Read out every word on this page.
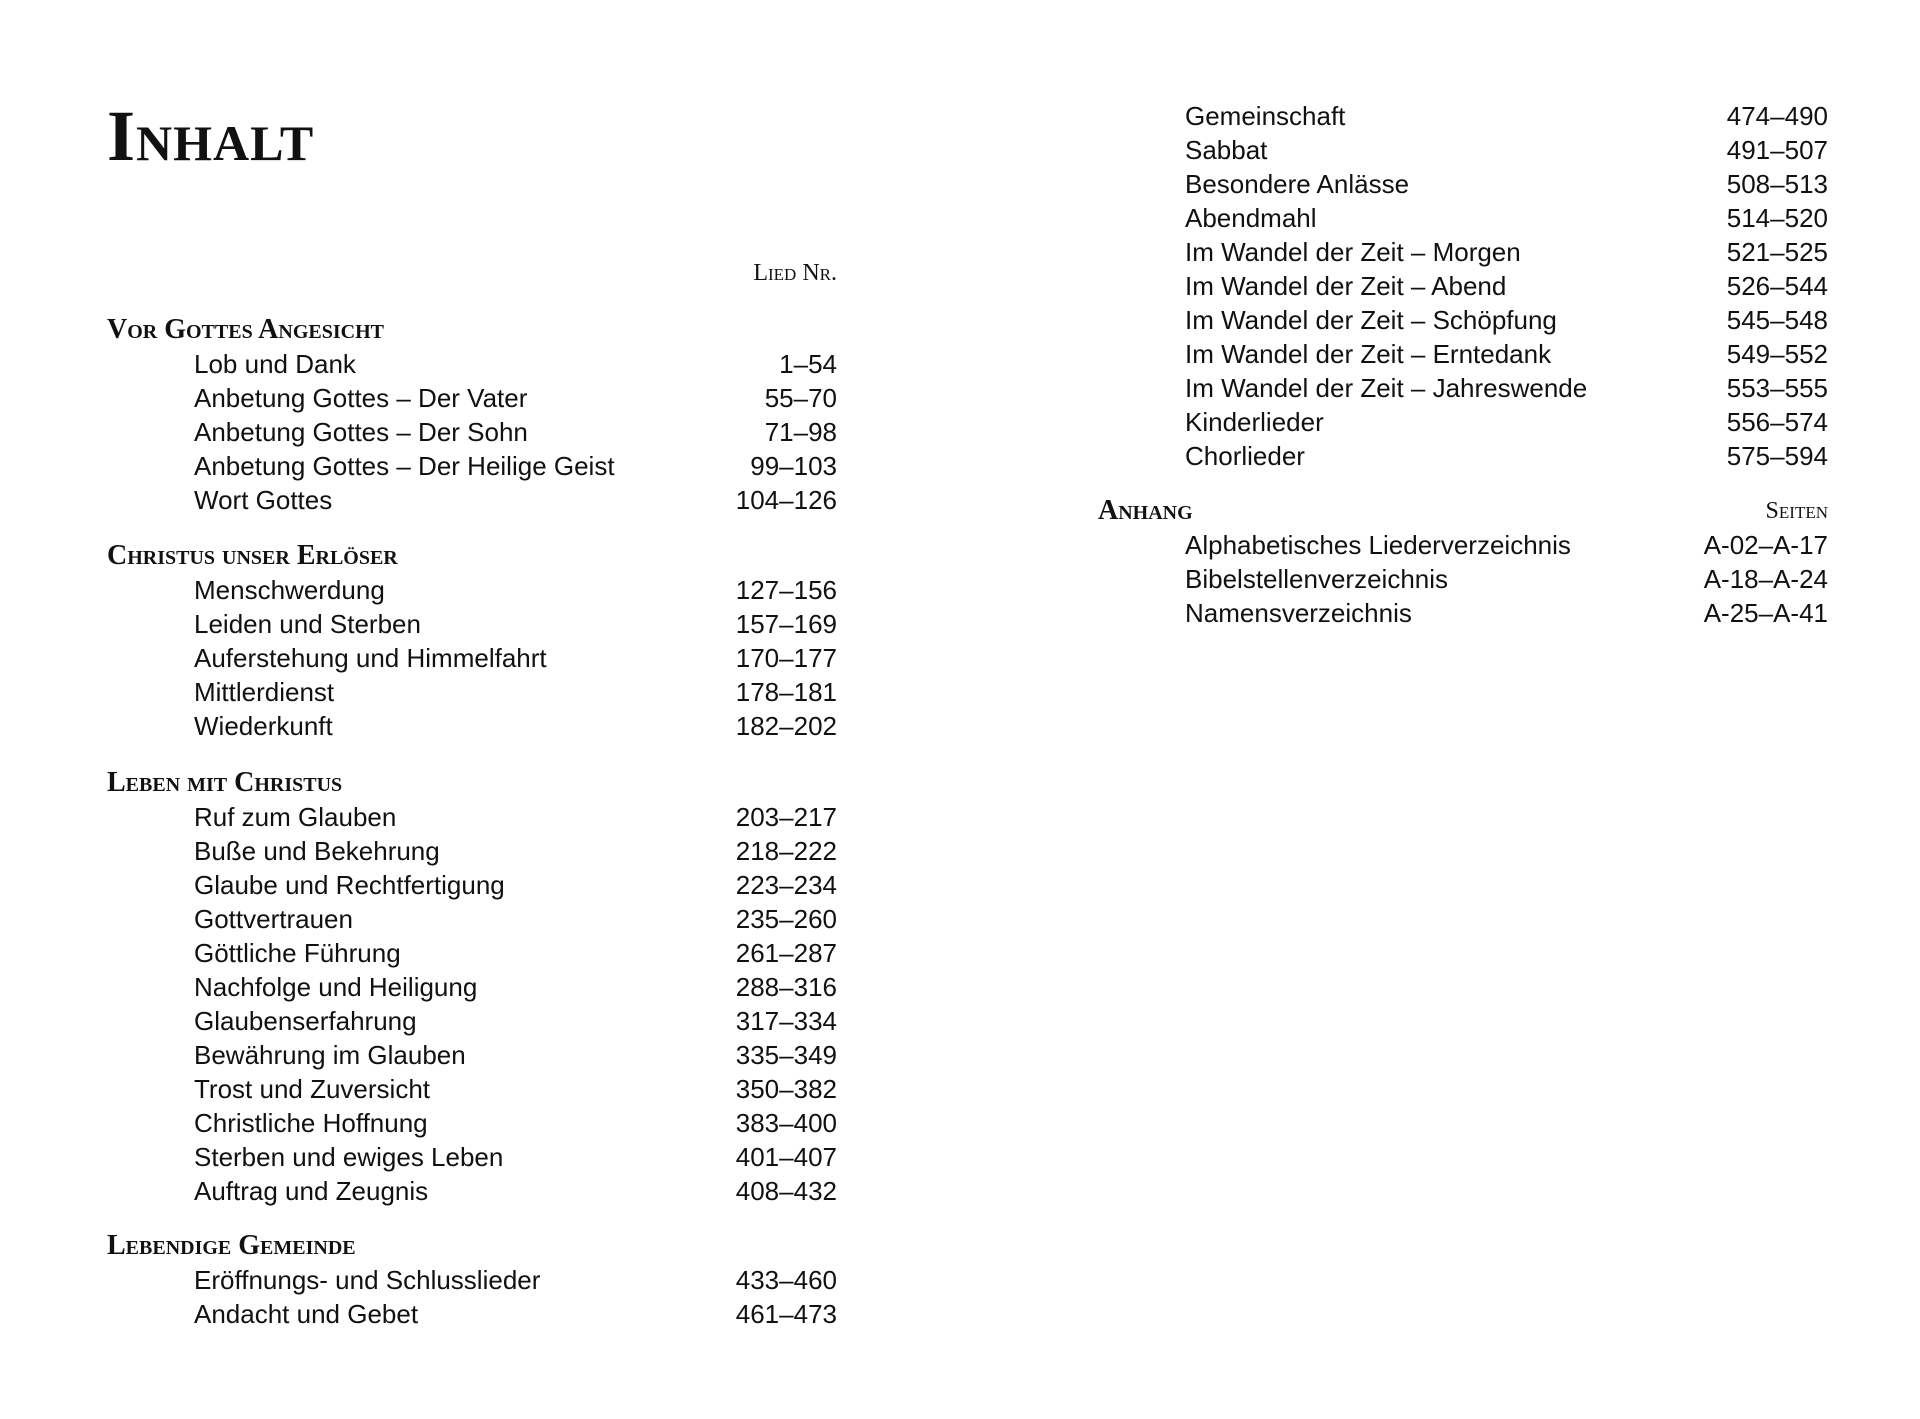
Inhalt
Lied Nr.
Vor Gottes Angesicht
Lob und Dank	1–54
Anbetung Gottes – Der Vater	55–70
Anbetung Gottes – Der Sohn	71–98
Anbetung Gottes – Der Heilige Geist	99–103
Wort Gottes	104–126
Christus unser Erlöser
Menschwerdung	127–156
Leiden und Sterben	157–169
Auferstehung und Himmelfahrt	170–177
Mittlerdienst	178–181
Wiederkunft	182–202
Leben mit Christus
Ruf zum Glauben	203–217
Buße und Bekehrung	218–222
Glaube und Rechtfertigung	223–234
Gottvertrauen	235–260
Göttliche Führung	261–287
Nachfolge und Heiligung	288–316
Glaubenserfahrung	317–334
Bewährung im Glauben	335–349
Trost und Zuversicht	350–382
Christliche Hoffnung	383–400
Sterben und ewiges Leben	401–407
Auftrag und Zeugnis	408–432
Lebendige Gemeinde
Eröffnungs- und Schlusslieder	433–460
Andacht und Gebet	461–473
Gemeinschaft	474–490
Sabbat	491–507
Besondere Anlässe	508–513
Abendmahl	514–520
Im Wandel der Zeit – Morgen	521–525
Im Wandel der Zeit – Abend	526–544
Im Wandel der Zeit – Schöpfung	545–548
Im Wandel der Zeit – Erntedank	549–552
Im Wandel der Zeit – Jahreswende	553–555
Kinderlieder	556–574
Chorlieder	575–594
Anhang	Seiten
Alphabetisches Liederverzeichnis	A-02–A-17
Bibelstellenverzeichnis	A-18–A-24
Namensverzeichnis	A-25–A-41
